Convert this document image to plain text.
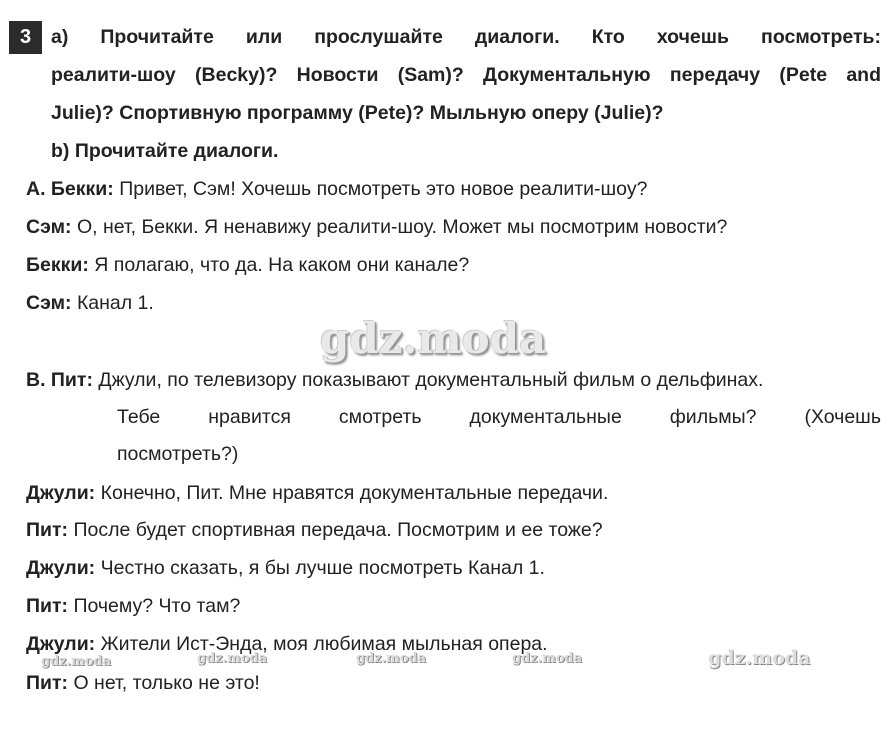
3	a) Прочитайте или прослушайте диалоги. Кто хочешь посмотреть:
реалити-шоу (Becky)? Новости (Sam)? Документальную передачу (Pete and
Julie)? Спортивную программу (Pete)? Мыльную оперу (Julie)?
b) Прочитайте диалоги.
А. Бекки: Привет, Сэм! Хочешь посмотреть это новое реалити-шоу?
Сэм: О, нет, Бекки. Я ненавижу реалити-шоу. Может мы посмотрим новости?
Бекки: Я полагаю, что да. На каком они канале?
Сэм: Канал 1.
gdz.moda
В. Пит: Джули, по телевизору показывают документальный фильм о дельфинах.
Тебе нравится смотреть документальные фильмы? (Хочешь
посмотреть?)
Джули: Конечно, Пит. Мне нравятся документальные передачи.
Пит: После будет спортивная передача. Посмотрим и ее тоже?
Джули: Честно сказать, я бы лучше посмотреть Канал 1.
Пит: Почему? Что там?
Джули: Жители Ист-Энда, моя любимая мыльная опера.
gdz.moda	gdz.moda	gdz.moda	gdz.moda	gdz.moda
Пит: О нет, только не это!
